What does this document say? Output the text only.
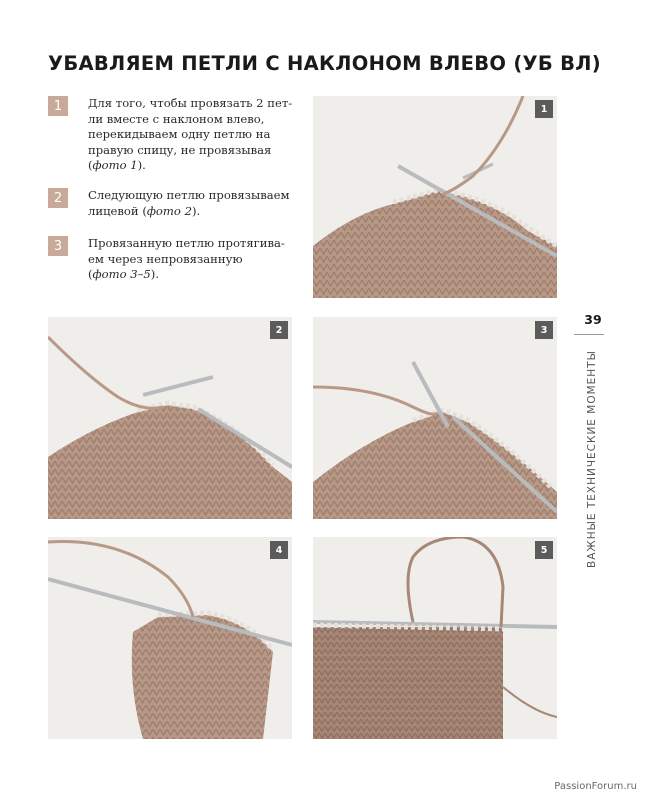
УБАВЛЯЕМ ПЕТЛИ С НАКЛОНОМ ВЛЕВО (УБ ВЛ)
1	Для того, чтобы провязать 2 пет-
ли вместе с наклоном влево,
перекидываем одну петлю на
правую спицу, не провязывая
(фото 1).
2	Следующую петлю провязываем
лицевой (фото 2).
3	Провязанную петлю протягива-
ем через непровязанную
(фото 3–5).
1
2	3
4	5
39
ВАЖНЫЕ ТЕХНИЧЕСКИЕ МОМЕНТЫ
PassionForum.ru
